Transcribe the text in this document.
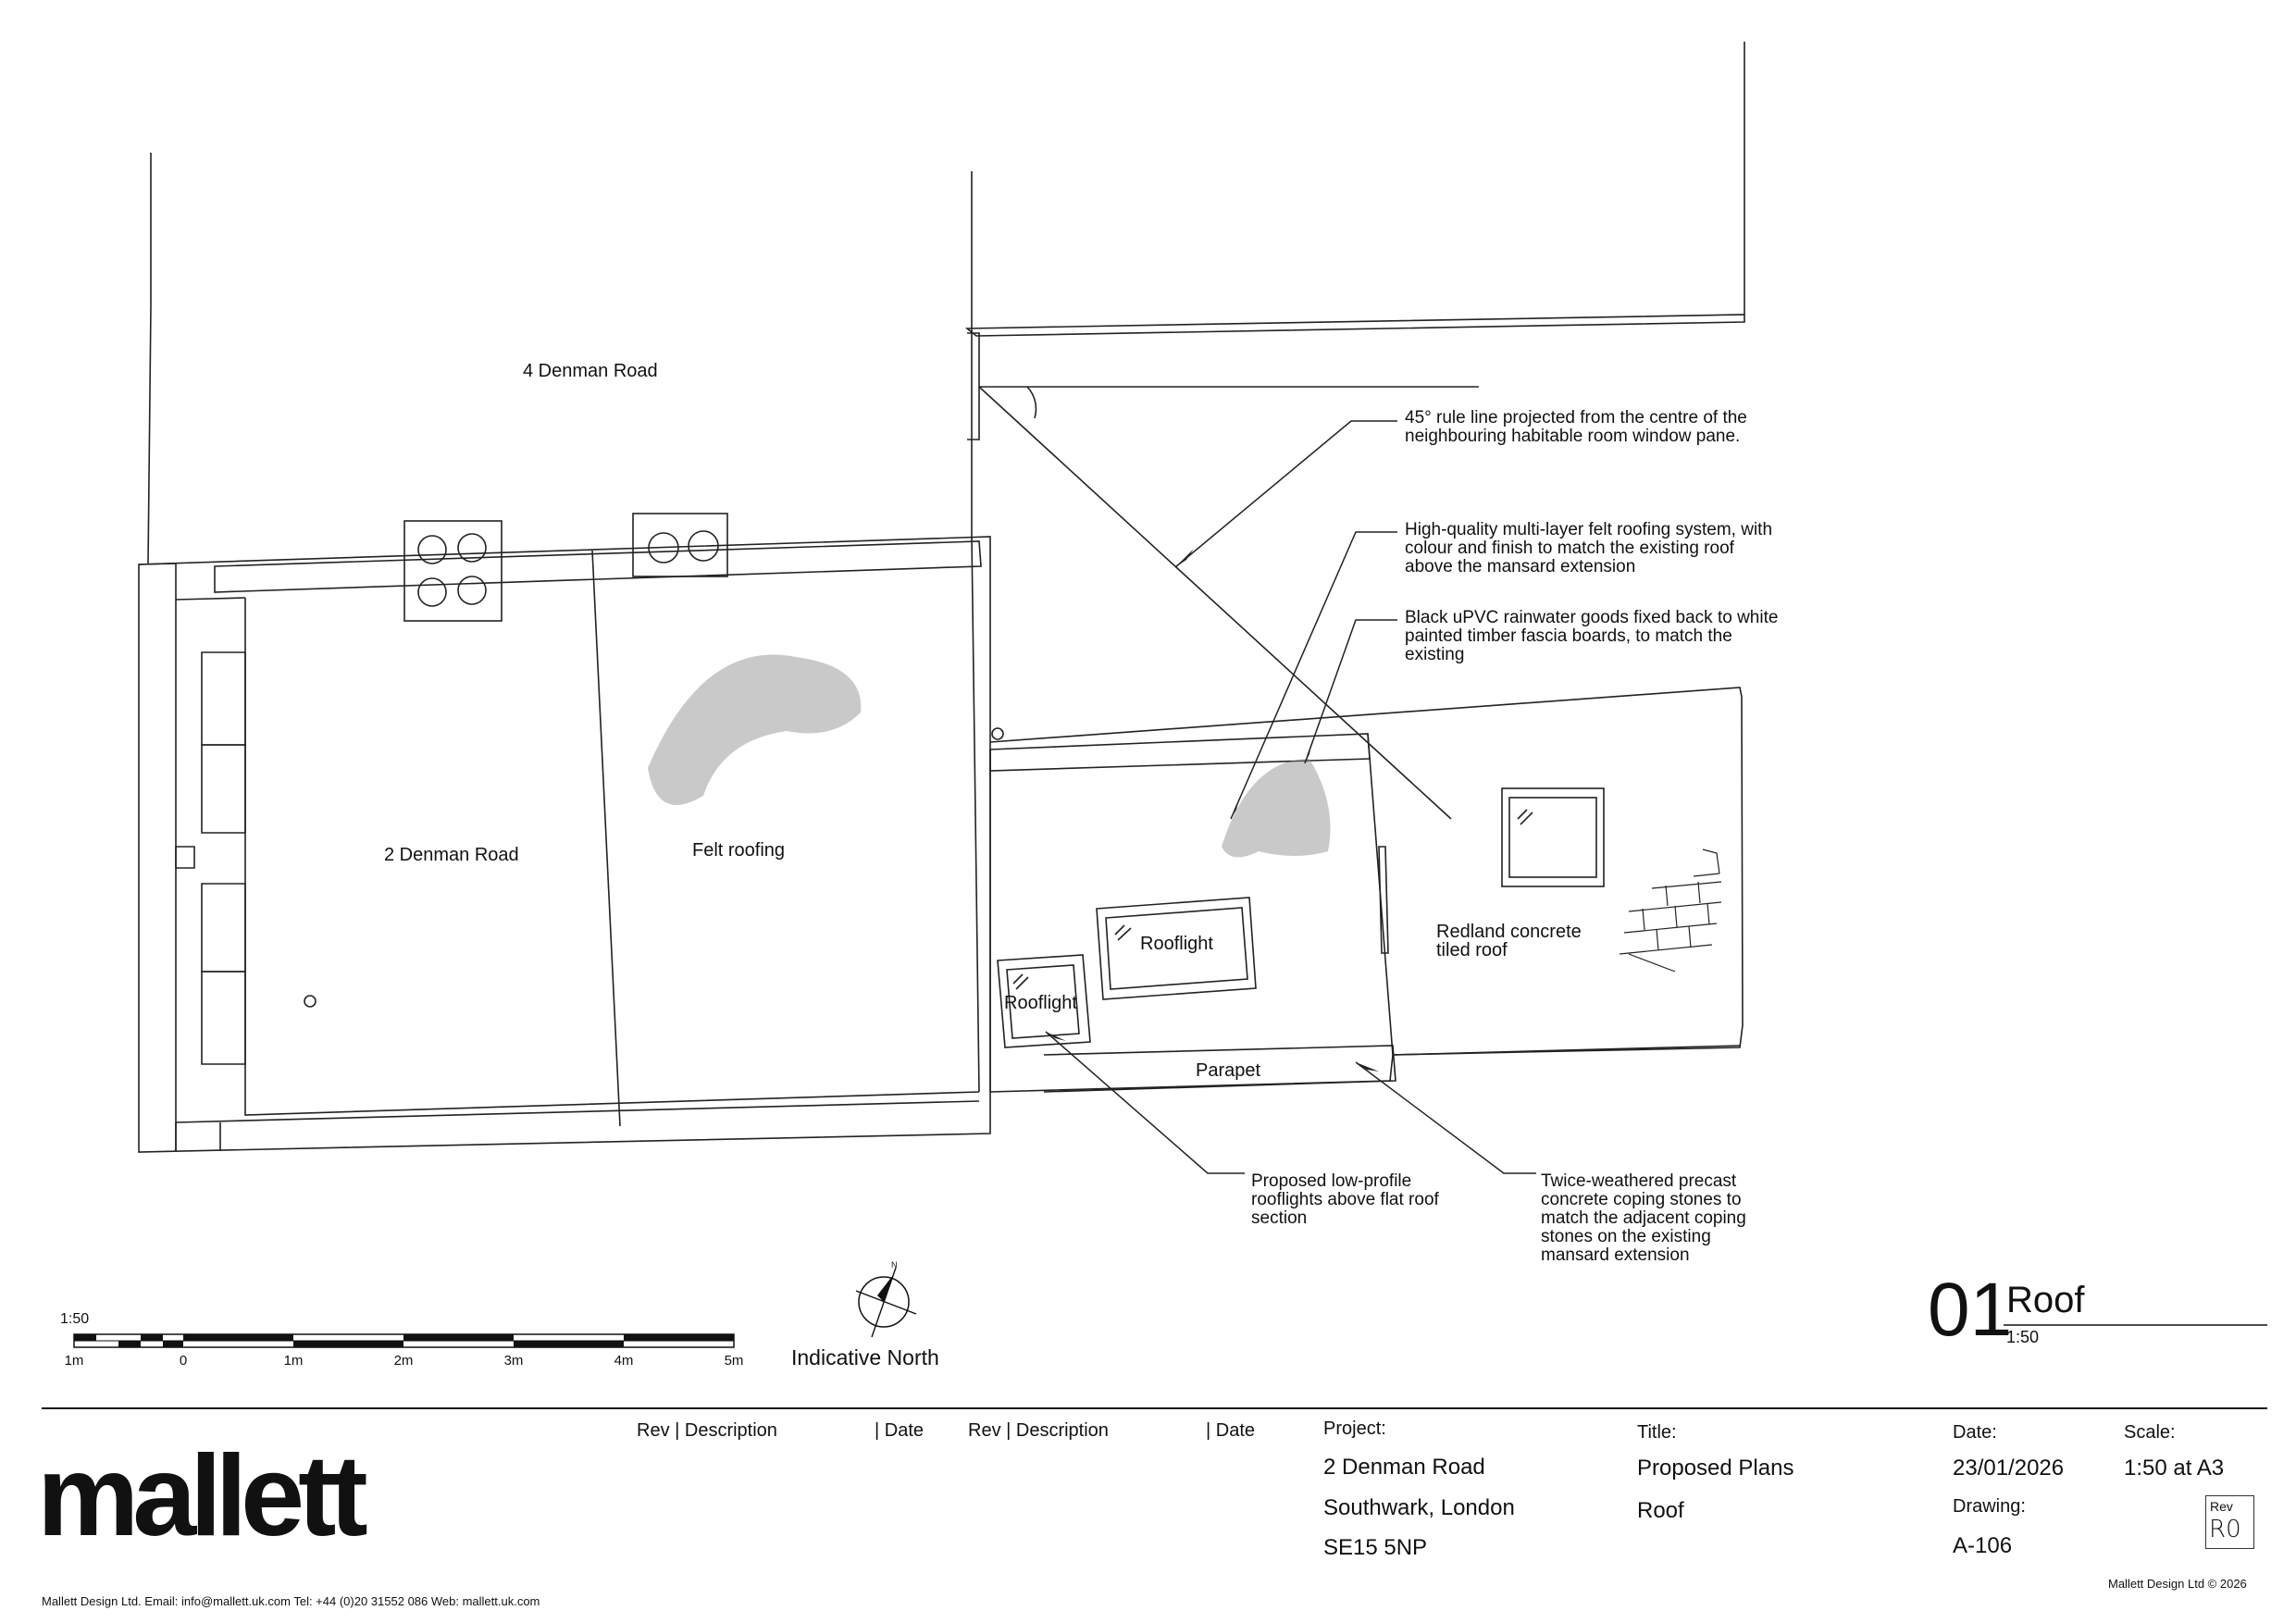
4 Denman Road
2 Denman Road	Felt roofing
Rooflight
Rooflight
Parapet
Redland concrete
tiled roof
45° rule line projected from the centre of the
neighbouring habitable room window pane.
High-quality multi-layer felt roofing system, with
colour and finish to match the existing roof
above the mansard extension
Black uPVC rainwater goods fixed back to white
painted timber fascia boards, to match the
existing
Proposed low-profile
rooflights above flat roof
section
Twice-weathered precast
concrete coping stones to
match the adjacent coping
stones on the existing
mansard extension
1:50
1m	0	1m	2m	3m	4m	5m
N
Indicative North
01
Roof
1:50
mallett
Rev | Description	| Date Rev | Description	| Date	Project:
2 Denman Road
Southwark, London
SE15 5NP
Title:
Proposed Plans
Roof
Date:
23/01/2026
Scale:
1:50 at A3
Drawing:
A-106
Rev
R0
Mallett Design Ltd. Email: info@mallett.uk.com Tel: +44 (0)20 31552 086 Web: mallett.uk.com
Mallett Design Ltd © 2026
